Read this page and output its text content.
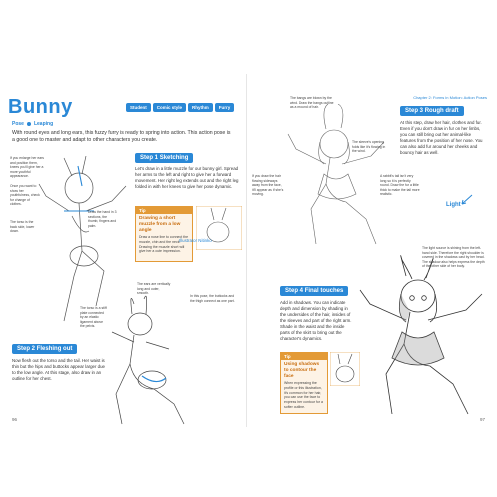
Bunny	Student	Comic style	Rhythm	Furry
Pose Leaping
With round eyes and long ears, this fuzzy furry is ready to spring into action. This action pose is a good one to master and adapt to other characters you create.
Step 1 Sketching
Let's draw in a little muzzle for our bunny girl. Spread her arms to the left and right to give her a forward movement. Her right leg extends out and the right leg folded in with her knees to give her pose dynamic.
Tip
Drawing a short muzzle from a low angle
Draw a nose line to connect the muzzle, chin and the neck. Drawing the muzzle short will give her a cute impression.
Illustrator Nitinko
If you enlarge her ears and position them, knees you'll give her a more youthful appearance.
Once you want to show her youthfulness, check for change of clothes.
Draw the hand in 3 sections, the thumb, fingers and palm.
The torso is the back side, lower down.
The ears are vertically long and outer, smooth.
In this pose, the buttocks and the thigh connect as one part.
The torso is a stiff plate connected by an elastic ligament above the pelvis.
Step 2 Fleshing out
Now flesh out the torso and the tail. Her waist is thin but the hips and buttocks appear larger due to the low angle. At this stage, also draw in an outline for her chest.
96
Chapter 2: Forms in Motion: Action Poses
Step 3 Rough draft
At this step, draw her hair, clothes and fur. Even if you don't draw in fur on her limbs, you can still bring out her animal-like features from the position of her nose. You can also add fur around her cheeks and bouncy hair as well.
Light
The bangs are blown by the wind. Draw the bangs outline as a mound of hair.
The sleeve's opening folds like it's flowing in the wind.
If you draw the hair flowing sideways away from the face, it'll appear as if she's moving.
A rabbit's tail isn't very long so it is perfectly round. Draw the fur a little thick to make the tail more realistic.
The light source is shining from the left-hand side. Therefore the right shoulder is covered in the shadows cast by her head. The shadow also helps express the depth of the other side of her body.
Step 4 Final touches
Add in shadows. You can indicate depth and dimension by shading in the undersides of the hair, insides of the sleeves and part of the right arm. Shade in the waist and the inside parts of the skirt to bring out the character's dynamics.
Tip
Using shadows to contour the face
When expressing the profile or this illustration, it's common for her hair, you can use the face to express her contour for a softer outline.
97
